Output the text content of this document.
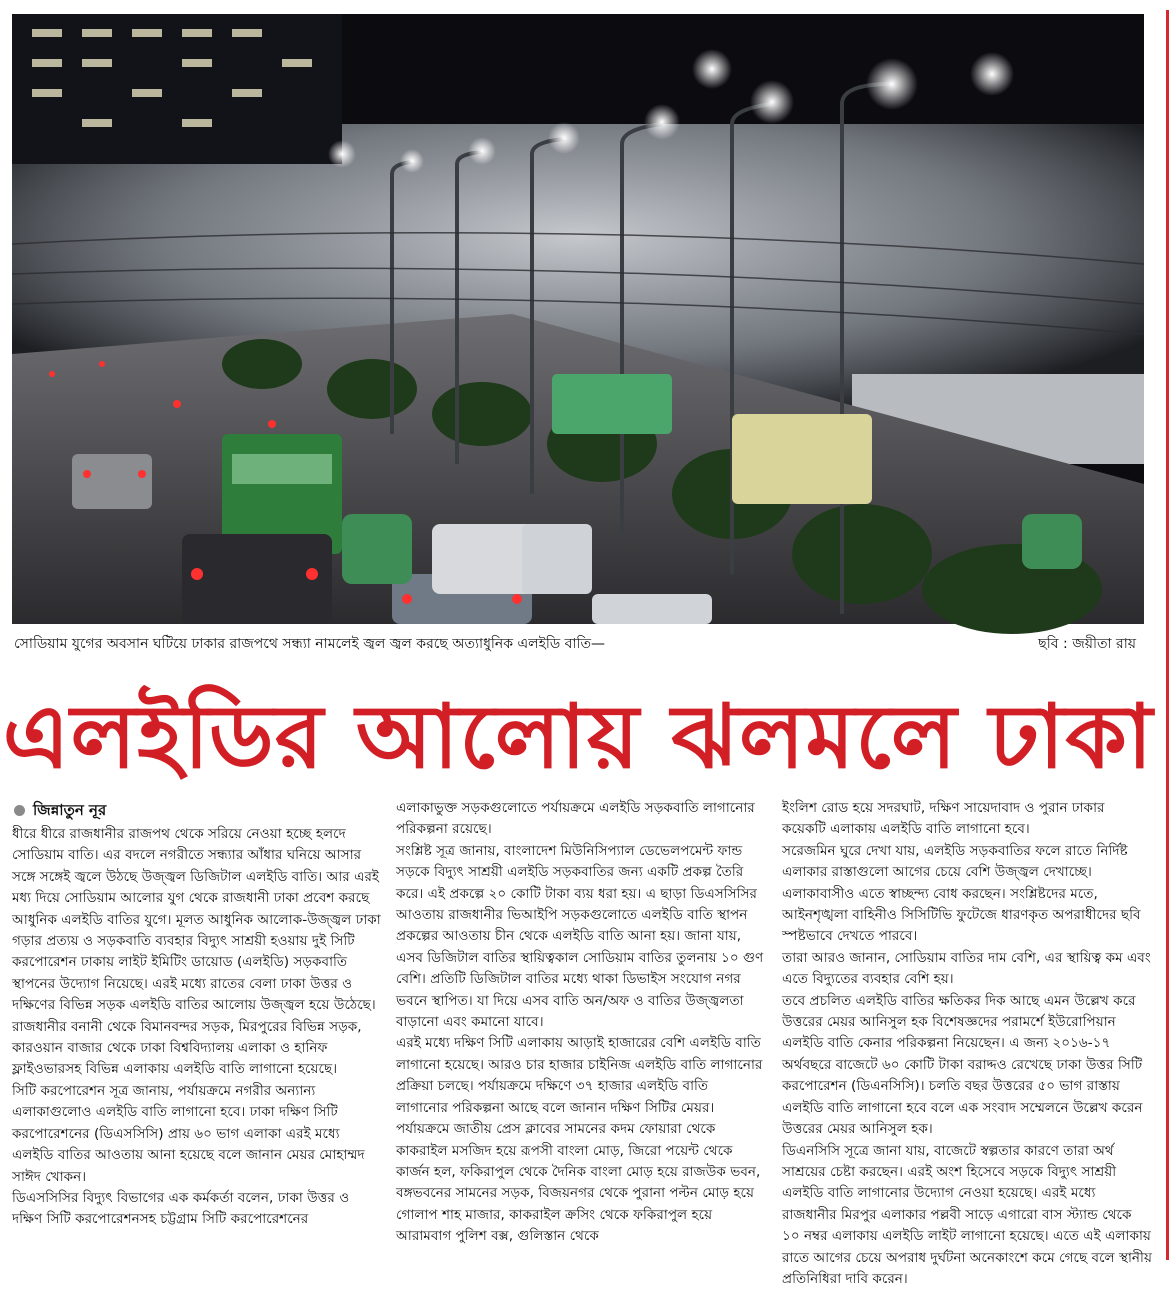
সোডিয়াম যুগের অবসান ঘটিয়ে ঢাকার রাজপথে সন্ধ্যা নামলেই জ্বল জ্বল করছে অত্যাধুনিক এলইডি বাতি—	ছবি : জয়ীতা রায়
এলইডির আলোয় ঝলমলে ঢাকা
জিন্নাতুন নূর

ধীরে ধীরে রাজধানীর রাজপথ থেকে সরিয়ে নেওয়া হচ্ছে হলদে সোডিয়াম বাতি। এর বদলে নগরীতে সন্ধ্যার আঁধার ঘনিয়ে আসার সঙ্গে সঙ্গেই জ্বলে উঠছে উজ্জ্বল ডিজিটাল এলইডি বাতি। আর এরই মধ্য দিয়ে সোডিয়াম আলোর যুগ থেকে রাজধানী ঢাকা প্রবেশ করছে আধুনিক এলইডি বাতির যুগে। মূলত আধুনিক আলোক-উজ্জ্বল ঢাকা গড়ার প্রত্যয় ও সড়কবাতি ব্যবহার বিদ্যুৎ সাশ্রয়ী হওয়ায় দুই সিটি করপোরেশন ঢাকায় লাইট ইমিটিং ডায়োড (এলইডি) সড়কবাতি স্থাপনের উদ্যোগ নিয়েছে। এরই মধ্যে রাতের বেলা ঢাকা উত্তর ও দক্ষিণের বিভিন্ন সড়ক এলইডি বাতির আলোয় উজ্জ্বল হয়ে উঠেছে। রাজধানীর বনানী থেকে বিমানবন্দর সড়ক, মিরপুরের বিভিন্ন সড়ক, কারওয়ান বাজার থেকে ঢাকা বিশ্ববিদ্যালয় এলাকা ও হানিফ ফ্লাইওভারসহ বিভিন্ন এলাকায় এলইডি বাতি লাগানো হয়েছে।

সিটি করপোরেশন সূত্র জানায়, পর্যায়ক্রমে নগরীর অন্যান্য এলাকাগুলোও এলইডি বাতি লাগানো হবে। ঢাকা দক্ষিণ সিটি করপোরেশনের (ডিএসসিসি) প্রায় ৬০ ভাগ এলাকা এরই মধ্যে এলইডি বাতির আওতায় আনা হয়েছে বলে জানান মেয়র মোহাম্মদ সাঈদ খোকন।

ডিএসসিসির বিদ্যুৎ বিভাগের এক কর্মকর্তা বলেন, ঢাকা উত্তর ও দক্ষিণ সিটি করপোরেশনসহ চট্টগ্রাম সিটি করপোরেশনের

এলাকাভুক্ত সড়কগুলোতে পর্যায়ক্রমে এলইডি সড়কবাতি লাগানোর পরিকল্পনা রয়েছে।

সংশ্লিষ্ট সূত্র জানায়, বাংলাদেশ মিউনিসিপ্যাল ডেভেলপমেন্ট ফান্ড সড়কে বিদ্যুৎ সাশ্রয়ী এলইডি সড়কবাতির জন্য একটি প্রকল্প তৈরি করে। এই প্রকল্পে ২০ কোটি টাকা ব্যয় ধরা হয়। এ ছাড়া ডিএসসিসির আওতায় রাজধানীর ভিআইপি সড়কগুলোতে এলইডি বাতি স্থাপন প্রকল্পের আওতায় চীন থেকে এলইডি বাতি আনা হয়। জানা যায়, এসব ডিজিটাল বাতির স্থায়িত্বকাল সোডিয়াম বাতির তুলনায় ১০ গুণ বেশি। প্রতিটি ডিজিটাল বাতির মধ্যে থাকা ডিভাইস সংযোগ নগর ভবনে স্থাপিত। যা দিয়ে এসব বাতি অন/অফ ও বাতির উজ্জ্বলতা বাড়ানো এবং কমানো যাবে।

এরই মধ্যে দক্ষিণ সিটি এলাকায় আড়াই হাজারের বেশি এলইডি বাতি লাগানো হয়েছে। আরও চার হাজার চাইনিজ এলইডি বাতি লাগানোর প্রক্রিয়া চলছে। পর্যায়ক্রমে দক্ষিণে ৩৭ হাজার এলইডি বাতি লাগানোর পরিকল্পনা আছে বলে জানান দক্ষিণ সিটির মেয়র।

পর্যায়ক্রমে জাতীয় প্রেস ক্লাবের সামনের কদম ফোয়ারা থেকে কাকরাইল মসজিদ হয়ে রূপসী বাংলা মোড়, জিরো পয়েন্ট থেকে কার্জন হল, ফকিরাপুল থেকে দৈনিক বাংলা মোড় হয়ে রাজউক ভবন, বঙ্গভবনের সামনের সড়ক, বিজয়নগর থেকে পুরানা পল্টন মোড় হয়ে গোলাপ শাহ মাজার, কাকরাইল ক্রসিং থেকে ফকিরাপুল হয়ে আরামবাগ পুলিশ বক্স, গুলিস্তান থেকে

ইংলিশ রোড হয়ে সদরঘাট, দক্ষিণ সায়েদাবাদ ও পুরান ঢাকার কয়েকটি এলাকায় এলইডি বাতি লাগানো হবে।

সরেজমিন ঘুরে দেখা যায়, এলইডি সড়কবাতির ফলে রাতে নির্দিষ্ট এলাকার রাস্তাগুলো আগের চেয়ে বেশি উজ্জ্বল দেখাচ্ছে। এলাকাবাসীও এতে স্বাচ্ছন্দ্য বোধ করছেন। সংশ্লিষ্টদের মতে, আইনশৃঙ্খলা বাহিনীও সিসিটিভি ফুটেজে ধারণকৃত অপরাধীদের ছবি স্পষ্টভাবে দেখতে পারবে।

তারা আরও জানান, সোডিয়াম বাতির দাম বেশি, এর স্থায়িত্ব কম এবং এতে বিদ্যুতের ব্যবহার বেশি হয়।

তবে প্রচলিত এলইডি বাতির ক্ষতিকর দিক আছে এমন উল্লেখ করে উত্তরের মেয়র আনিসুল হক বিশেষজ্ঞদের পরামর্শে ইউরোপিয়ান এলইডি বাতি কেনার পরিকল্পনা নিয়েছেন। এ জন্য ২০১৬-১৭ অর্থবছরে বাজেটে ৬০ কোটি টাকা বরাদ্দও রেখেছে ঢাকা উত্তর সিটি করপোরেশন (ডিএনসিসি)। চলতি বছর উত্তরের ৫০ ভাগ রাস্তায় এলইডি বাতি লাগানো হবে বলে এক সংবাদ সম্মেলনে উল্লেখ করেন উত্তরের মেয়র আনিসুল হক।

ডিএনসিসি সূত্রে জানা যায়, বাজেটে স্বল্পতার কারণে তারা অর্থ সাশ্রয়ের চেষ্টা করছেন। এরই অংশ হিসেবে সড়কে বিদ্যুৎ সাশ্রয়ী এলইডি বাতি লাগানোর উদ্যোগ নেওয়া হয়েছে। এরই মধ্যে রাজধানীর মিরপুর এলাকার পল্লবী সাড়ে এগারো বাস স্ট্যান্ড থেকে ১০ নম্বর এলাকায় এলইডি লাইট লাগানো হয়েছে। এতে এই এলাকায় রাতে আগের চেয়ে অপরাধ দুর্ঘটনা অনেকাংশে কমে গেছে বলে স্থানীয় প্রতিনিধিরা দাবি করেন।
